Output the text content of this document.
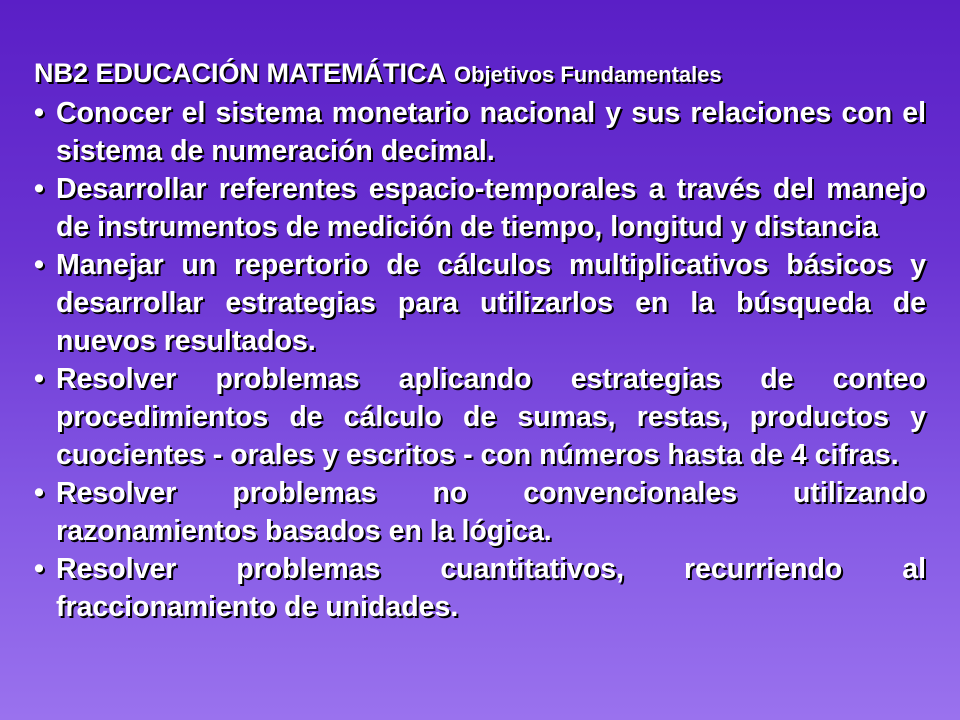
NB2 EDUCACIÓN MATEMÁTICA Objetivos Fundamentales
• Conocer el sistema monetario nacional y sus relaciones con el sistema de numeración decimal.
• Desarrollar referentes espacio-temporales a través del manejo de instrumentos de medición de tiempo, longitud y distancia
• Manejar un repertorio de cálculos multiplicativos básicos y desarrollar estrategias para utilizarlos en la búsqueda de nuevos resultados.
• Resolver problemas aplicando estrategias de conteo procedimientos de cálculo de sumas, restas, productos y cuocientes - orales y escritos - con números hasta de 4 cifras.
• Resolver problemas no convencionales utilizando razonamientos basados en la lógica.
• Resolver problemas cuantitativos, recurriendo al fraccionamiento de unidades.
